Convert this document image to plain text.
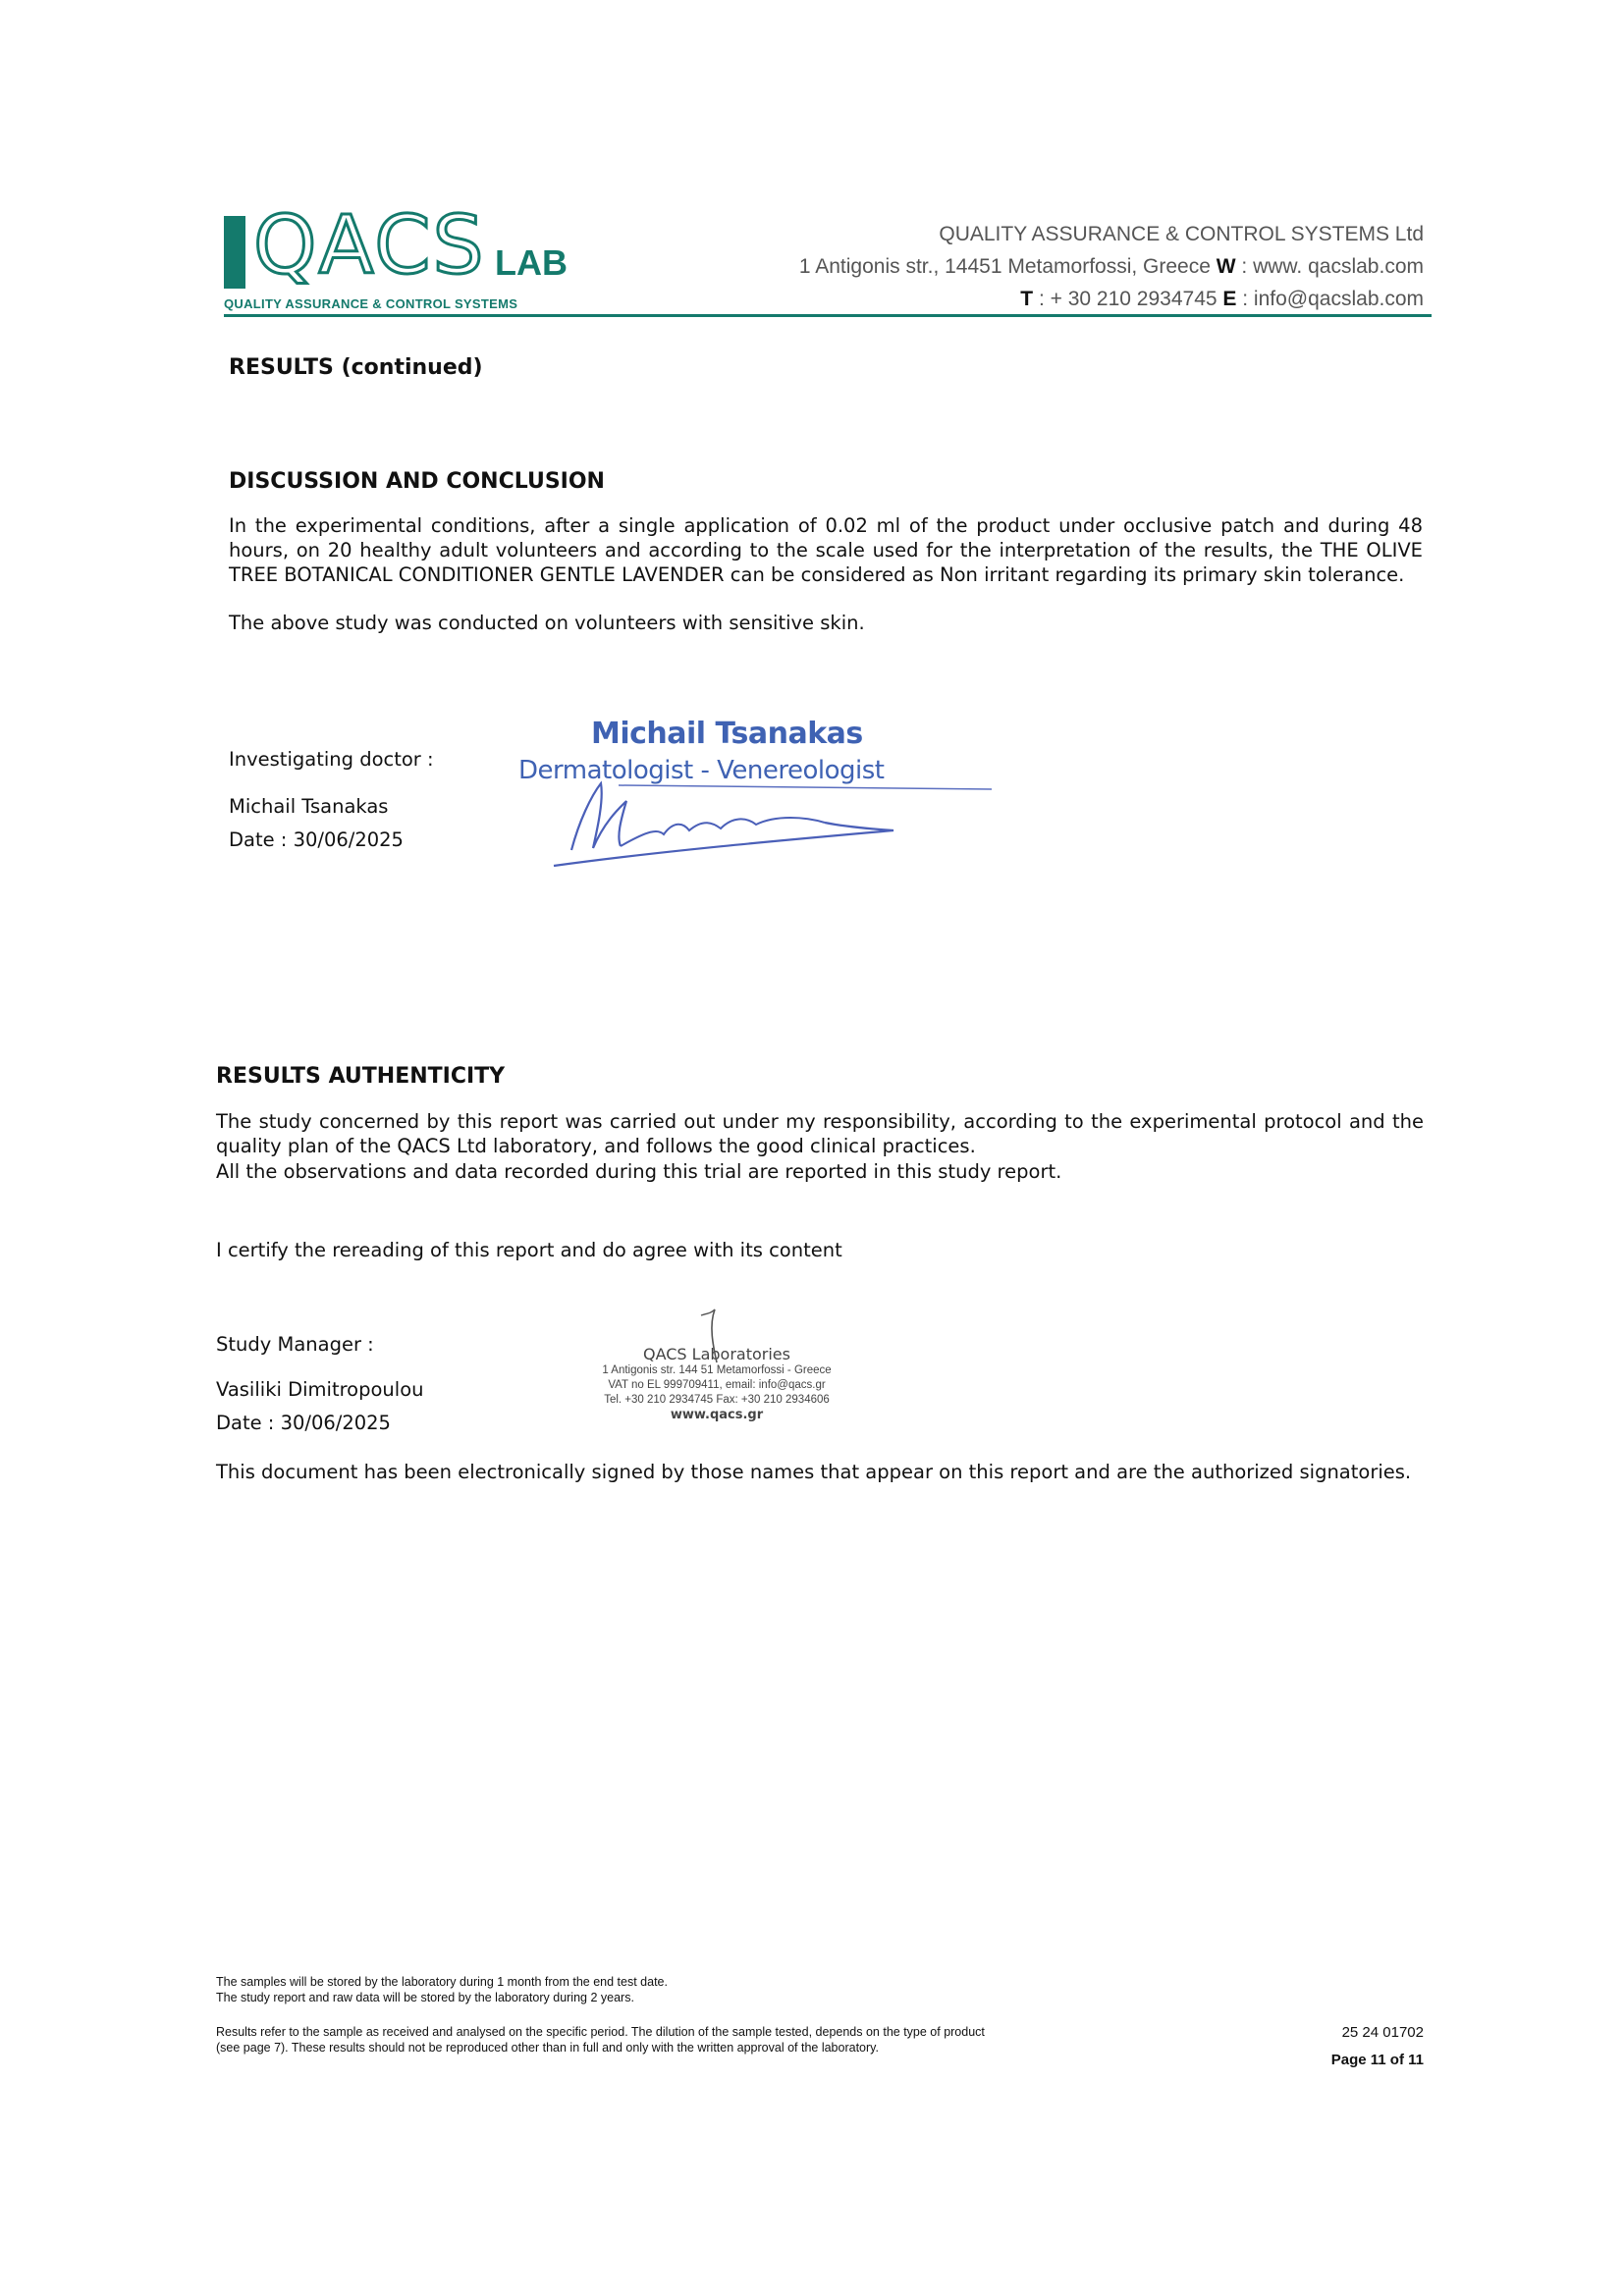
QACS LAB
QUALITY ASSURANCE & CONTROL SYSTEMS
QUALITY ASSURANCE & CONTROL SYSTEMS Ltd
1 Antigonis str., 14451 Metamorfossi, Greece W : www. qacslab.com
T : + 30 210 2934745 E : info@qacslab.com
RESULTS (continued)
DISCUSSION AND CONCLUSION

In the experimental conditions, after a single application of 0.02 ml of the product under occlusive patch and during 48 hours, on 20 healthy adult volunteers and according to the scale used for the interpretation of the results, the THE OLIVE TREE BOTANICAL CONDITIONER GENTLE LAVENDER can be considered as Non irritant regarding its primary skin tolerance.

The above study was conducted on volunteers with sensitive skin.
Investigating doctor :
Michail Tsanakas
Date : 30/06/2025
Michail Tsanakas
Dermatologist - Venereologist
RESULTS AUTHENTICITY

The study concerned by this report was carried out under my responsibility, according to the experimental protocol and the quality plan of the QACS Ltd laboratory, and follows the good clinical practices.

All the observations and data recorded during this trial are reported in this study report.
I certify the rereading of this report and do agree with its content
Study Manager :
Vasiliki Dimitropoulou
Date : 30/06/2025
QACS Laboratories
1 Antigonis str. 144 51 Metamorfossi - Greece
VAT no EL 999709411, email: info@qacs.gr
Tel. +30 210 2934745 Fax: +30 210 2934606
www.qacs.gr
This document has been electronically signed by those names that appear on this report and are the authorized signatories.
The samples will be stored by the laboratory during 1 month from the end test date.
The study report and raw data will be stored by the laboratory during 2 years.
Results refer to the sample as received and analysed on the specific period. The dilution of the sample tested, depends on the type of product
(see page 7). These results should not be reproduced other than in full and only with the written approval of the laboratory.
25 24 01702
Page 11 of 11
